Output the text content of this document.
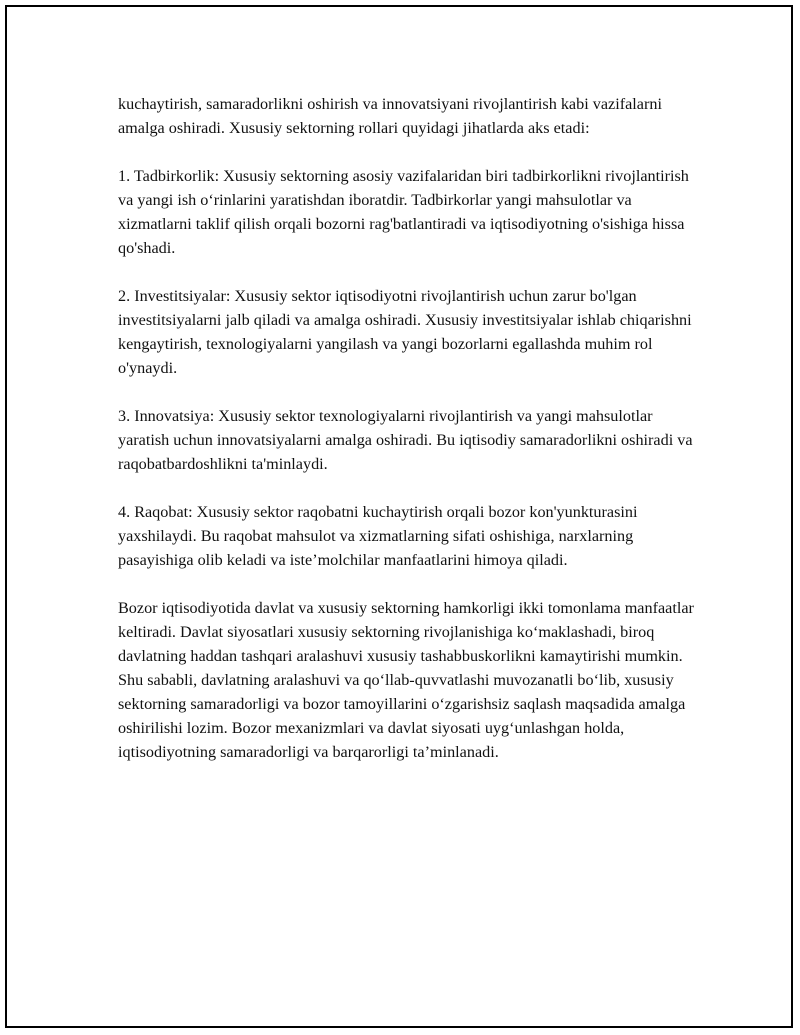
kuchaytirish, samaradorlikni oshirish va innovatsiyani rivojlantirish kabi vazifalarni amalga oshiradi. Xususiy sektorning rollari quyidagi jihatlarda aks etadi:

1. Tadbirkorlik: Xususiy sektorning asosiy vazifalaridan biri tadbirkorlikni rivojlantirish va yangi ish o‘rinlarini yaratishdan iboratdir. Tadbirkorlar yangi mahsulotlar va xizmatlarni taklif qilish orqali bozorni rag'batlantiradi va iqtisodiyotning o'sishiga hissa qo'shadi.

2. Investitsiyalar: Xususiy sektor iqtisodiyotni rivojlantirish uchun zarur bo'lgan investitsiyalarni jalb qiladi va amalga oshiradi. Xususiy investitsiyalar ishlab chiqarishni kengaytirish, texnologiyalarni yangilash va yangi bozorlarni egallashda muhim rol o'ynaydi.

3. Innovatsiya: Xususiy sektor texnologiyalarni rivojlantirish va yangi mahsulotlar yaratish uchun innovatsiyalarni amalga oshiradi. Bu iqtisodiy samaradorlikni oshiradi va raqobatbardoshlikni ta'minlaydi.

4. Raqobat: Xususiy sektor raqobatni kuchaytirish orqali bozor kon'yunkturasini yaxshilaydi. Bu raqobat mahsulot va xizmatlarning sifati oshishiga, narxlarning pasayishiga olib keladi va iste’molchilar manfaatlarini himoya qiladi.

Bozor iqtisodiyotida davlat va xususiy sektorning hamkorligi ikki tomonlama manfaatlar keltiradi. Davlat siyosatlari xususiy sektorning rivojlanishiga ko‘maklashadi, biroq davlatning haddan tashqari aralashuvi xususiy tashabbuskorlikni kamaytirishi mumkin. Shu sababli, davlatning aralashuvi va qo‘llab-quvvatlashi muvozanatli bo‘lib, xususiy sektorning samaradorligi va bozor tamoyillarini o‘zgarishsiz saqlash maqsadida amalga oshirilishi lozim. Bozor mexanizmlari va davlat siyosati uyg‘unlashgan holda, iqtisodiyotning samaradorligi va barqarorligi ta’minlanadi.
